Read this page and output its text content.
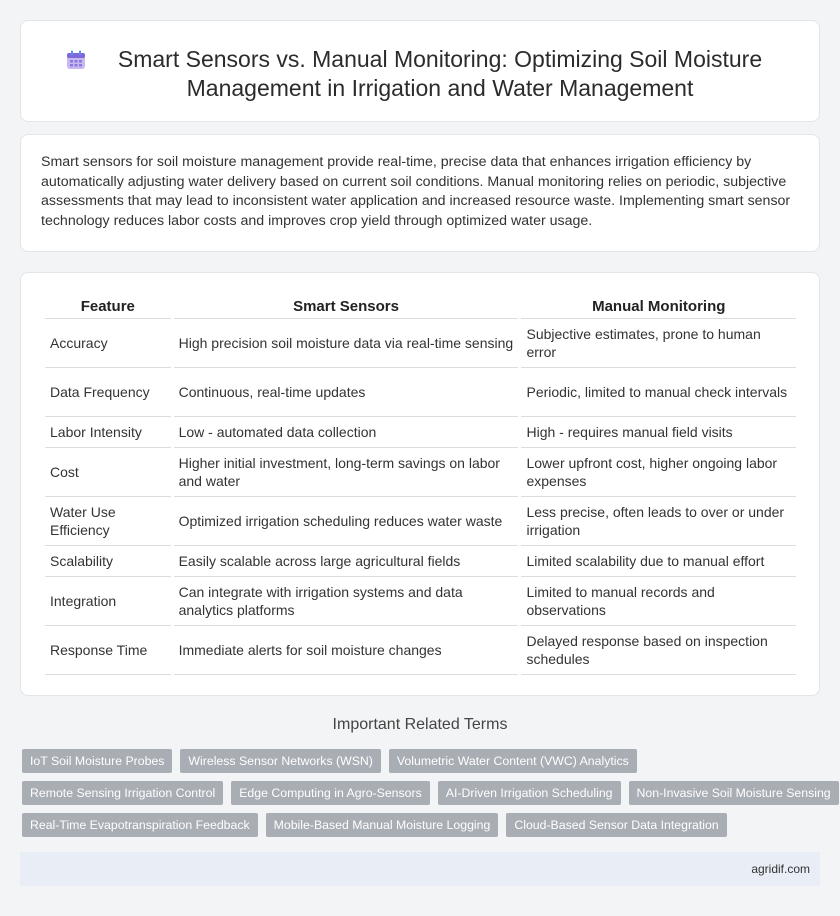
Smart Sensors vs. Manual Monitoring: Optimizing Soil Moisture Management in Irrigation and Water Management

Smart sensors for soil moisture management provide real-time, precise data that enhances irrigation efficiency by automatically adjusting water delivery based on current soil conditions. Manual monitoring relies on periodic, subjective assessments that may lead to inconsistent water application and increased resource waste. Implementing smart sensor technology reduces labor costs and improves crop yield through optimized water usage.

Feature	Smart Sensors	Manual Monitoring
Accuracy	High precision soil moisture data via real-time sensing	Subjective estimates, prone to human error
Data Frequency	Continuous, real-time updates	Periodic, limited to manual check intervals
Labor Intensity	Low - automated data collection	High - requires manual field visits
Cost	Higher initial investment, long-term savings on labor and water	Lower upfront cost, higher ongoing labor expenses
Water Use Efficiency	Optimized irrigation scheduling reduces water waste	Less precise, often leads to over or under irrigation
Scalability	Easily scalable across large agricultural fields	Limited scalability due to manual effort
Integration	Can integrate with irrigation systems and data analytics platforms	Limited to manual records and observations
Response Time	Immediate alerts for soil moisture changes	Delayed response based on inspection schedules
Important Related Terms
IoT Soil Moisture Probes	Wireless Sensor Networks (WSN)	Volumetric Water Content (VWC) Analytics
Remote Sensing Irrigation Control	Edge Computing in Agro-Sensors	AI-Driven Irrigation Scheduling	Non-Invasive Soil Moisture Sensing
Real-Time Evapotranspiration Feedback	Mobile-Based Manual Moisture Logging	Cloud-Based Sensor Data Integration
agridif.com
